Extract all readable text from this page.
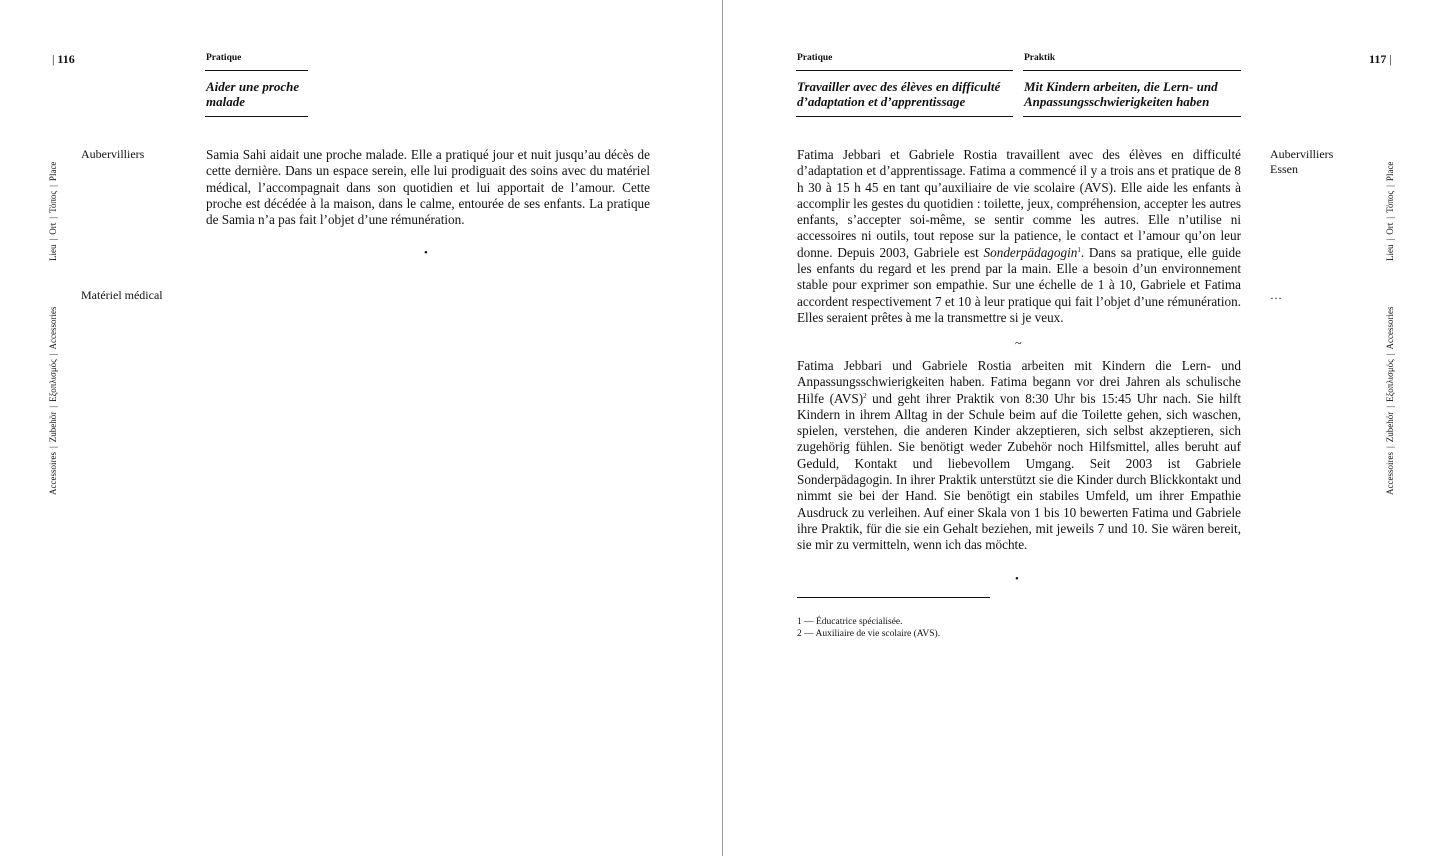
| 116	Pratique
Aider une proche malade
Lieu|Ort|Τόπος|Place
Accessoires|Zubehör|Εξοπλισμός|Accessories
Aubervilliers
Matériel médical

Samia Sahi aidait une proche malade. Elle a pratiqué jour et nuit jusqu’au décès de cette dernière. Dans un espace serein, elle lui prodiguait des soins avec du matériel médical, l’accompagnait dans son quotidien et lui apportait de l’amour. Cette proche est décédée à la maison, dans le calme, entourée de ses enfants. La pratique de Samia n’a pas fait l’objet d’une rémunération.

•
117 |
Pratique	Praktik
Travailler avec des élèves en difficulté d’adaptation et d’apprentissage
Mit Kindern arbeiten, die Lern- und Anpassungsschwierigkeiten haben

Fatima Jebbari et Gabriele Rostia travaillent avec des élèves en difficulté d’adaptation et d’apprentissage. Fatima a commencé il y a trois ans et pratique de 8 h 30 à 15 h 45 en tant qu’auxiliaire de vie scolaire (AVS). Elle aide les enfants à accomplir les gestes du quotidien : toilette, jeux, compréhension, accepter les autres enfants, s’accepter soi-même, se sentir comme les autres. Elle n’utilise ni accessoires ni outils, tout repose sur la patience, le contact et l’amour qu’on leur donne. Depuis 2003, Gabriele est Sonderpädagogin$^1$. Dans sa pratique, elle guide les enfants du regard et les prend par la main. Elle a besoin d’un environnement stable pour exprimer son empathie. Sur une échelle de 1 à 10, Gabriele et Fatima accordent respectivement 7 et 10 à leur pratique qui fait l’objet d’une rémunération. Elles seraient prêtes à me la transmettre si je veux.

~

Fatima Jebbari und Gabriele Rostia arbeiten mit Kindern die Lern- und Anpassungsschwierigkeiten haben. Fatima begann vor drei Jahren als schulische Hilfe (AVS)$^2$ und geht ihrer Praktik von 8:30 Uhr bis 15:45 Uhr nach. Sie hilft Kindern in ihrem Alltag in der Schule beim auf die Toilette gehen, sich waschen, spielen, verstehen, die anderen Kinder akzeptieren, sich selbst akzeptieren, sich zugehörig fühlen. Sie benötigt weder Zubehör noch Hilfsmittel, alles beruht auf Geduld, Kontakt und liebevollem Umgang. Seit 2003 ist Gabriele Sonderpädagogin. In ihrer Praktik unterstützt sie die Kinder durch Blickkontakt und nimmt sie bei der Hand. Sie benötigt ein stabiles Umfeld, um ihrer Empathie Ausdruck zu verleihen. Auf einer Skala von 1 bis 10 bewerten Fatima und Gabriele ihre Praktik, für die sie ein Gehalt beziehen, mit jeweils 7 und 10. Sie wären bereit, sie mir zu vermitteln, wenn ich das möchte.

•
1 — Éducatrice spécialisée.
2 — Auxiliaire de vie scolaire (AVS).
Aubervilliers
Essen
…
Lieu|Ort|Τόπος|Place
Accessoires|Zubehör|Εξοπλισμός|Accessories
